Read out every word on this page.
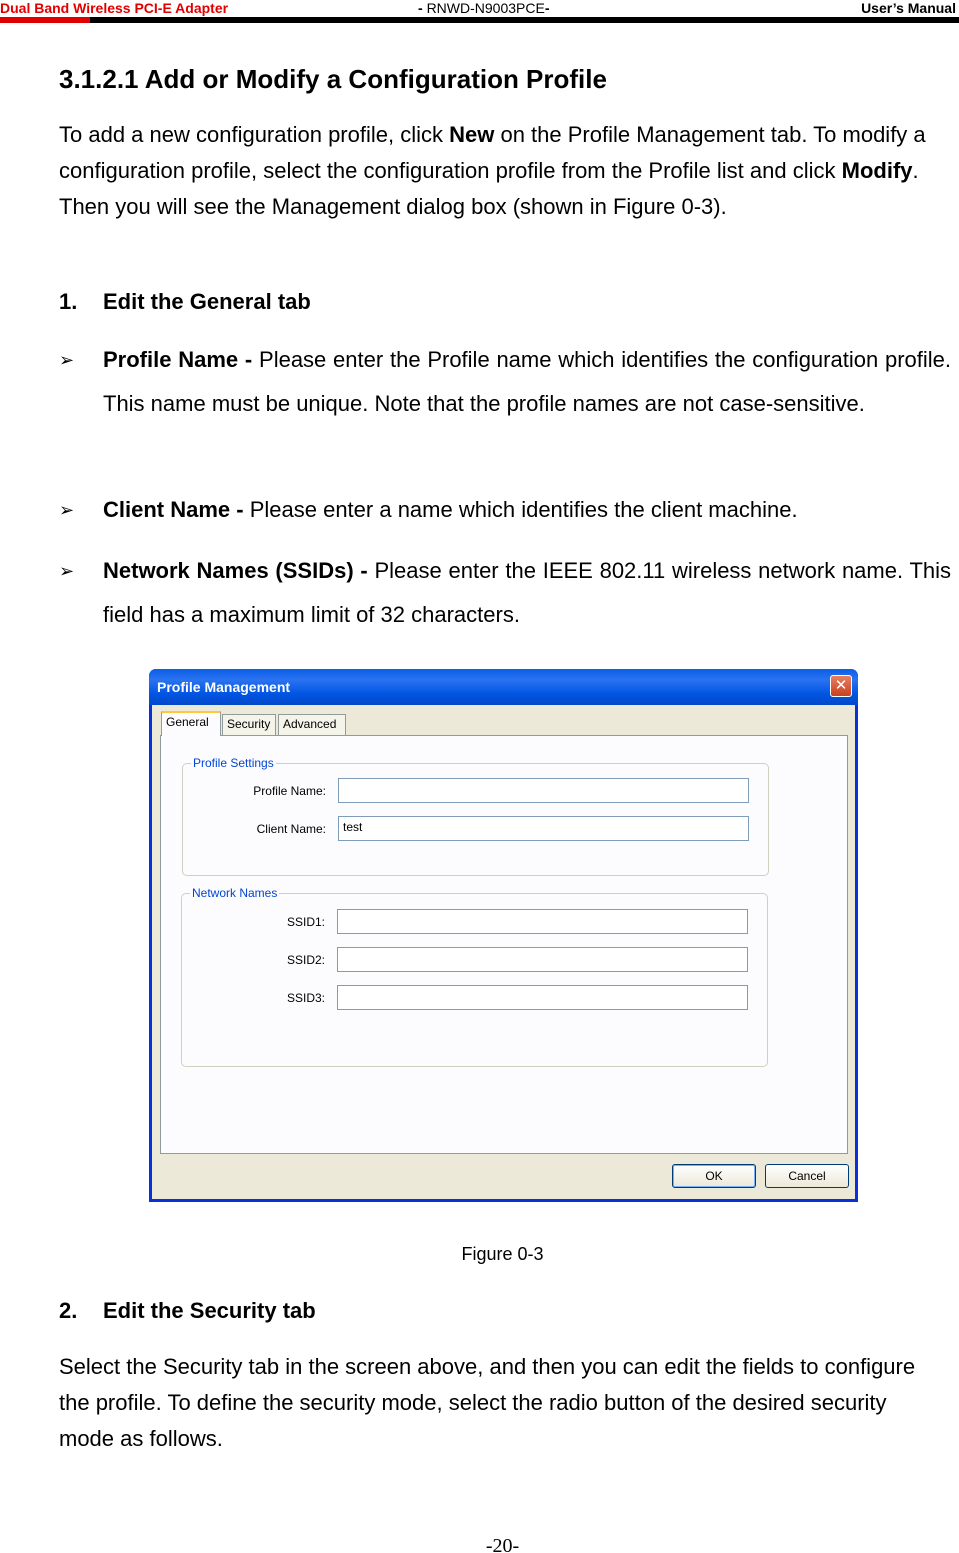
Dual Band Wireless PCI-E Adapter	- RNWD-N9003PCE-	User’s Manual
3.1.2.1 Add or Modify a Configuration Profile

To add a new configuration profile, click New on the Profile Management tab. To modify a configuration profile, select the configuration profile from the Profile list and click Modify. Then you will see the Management dialog box (shown in Figure 0-3).

1. Edit the General tab
➢ Profile Name - Please enter the Profile name which identifies the configuration profile. This name must be unique. Note that the profile names are not case-sensitive.
➢ Client Name - Please enter a name which identifies the client machine.
➢ Network Names (SSIDs) - Please enter the IEEE 802.11 wireless network name. This field has a maximum limit of 32 characters.
Profile Management	✕
General	Security	Advanced
Profile Settings
Profile Name:
Client Name:	test
Network Names
SSID1:
SSID2:
SSID3:
OK	Cancel
Figure 0-3
2. Edit the Security tab

Select the Security tab in the screen above, and then you can edit the fields to configure the profile. To define the security mode, select the radio button of the desired security mode as follows.

-20-
